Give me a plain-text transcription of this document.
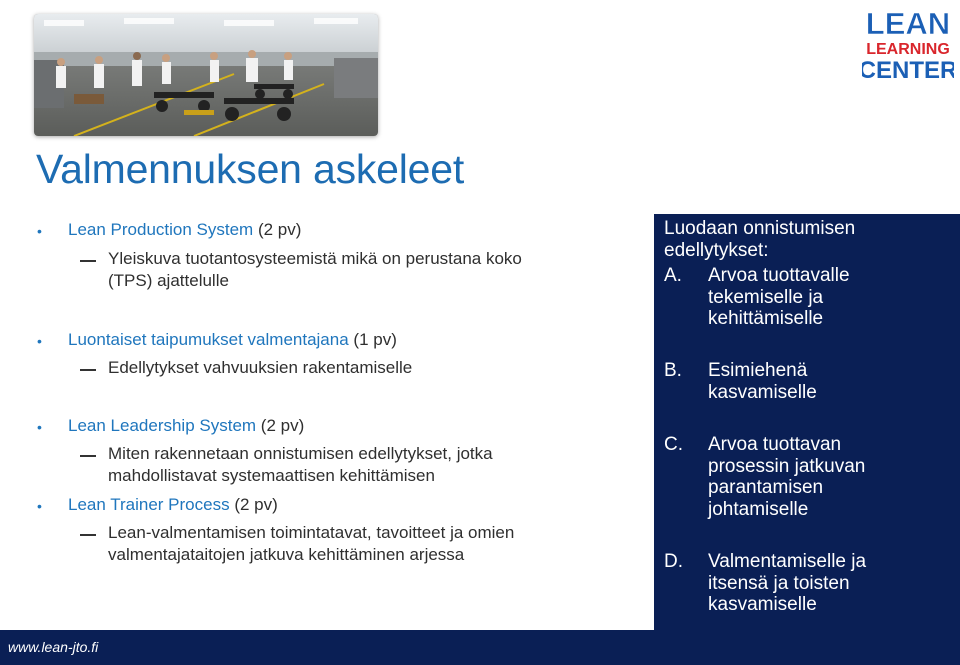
LEAN
LEARNING
CENTER
Valmennuksen askeleet
• Lean Production System (2 pv)
Yleiskuva tuotantosysteemistä mikä on perustana koko
(TPS) ajattelulle
• Luontaiset taipumukset valmentajana (1 pv)
Edellytykset vahvuuksien rakentamiselle
• Lean Leadership System (2 pv)
Miten rakennetaan onnistumisen edellytykset, jotka
mahdollistavat systemaattisen kehittämisen
• Lean Trainer Process (2 pv)
Lean-valmentamisen toimintatavat, tavoitteet ja omien
valmentajataitojen jatkuva kehittäminen arjessa
Luodaan onnistumisen
edellytykset:
A. Arvoa tuottavalle
tekemiselle ja
kehittämiselle
B. Esimiehenä
kasvamiselle
C. Arvoa tuottavan
prosessin jatkuvan
parantamisen
johtamiselle
D. Valmentamiselle ja
itsensä ja toisten
kasvamiselle
www.lean-jto.fi
